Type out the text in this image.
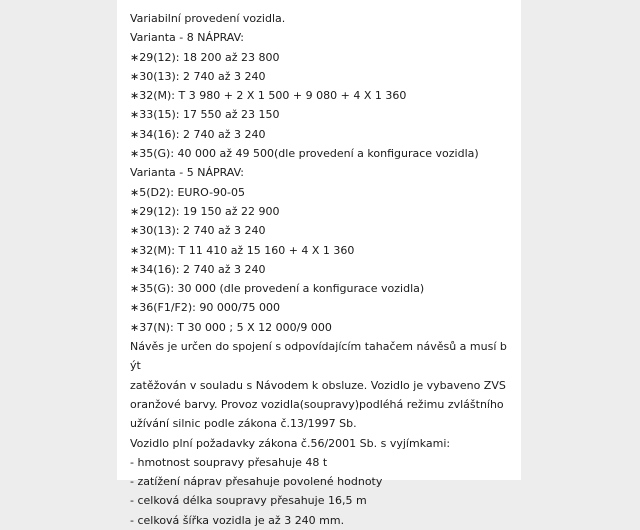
Variabilní provedení vozidla.
Varianta - 8 NÁPRAV:
∗29(12): 18 200 až 23 800
∗30(13): 2 740 až 3 240
∗32(M): T 3 980 + 2 X 1 500 + 9 080 + 4 X 1 360
∗33(15): 17 550 až 23 150
∗34(16): 2 740 až 3 240
∗35(G): 40 000 až 49 500(dle provedení a konfigurace vozidla)
Varianta - 5 NÁPRAV:
∗5(D2): EURO-90-05
∗29(12): 19 150 až 22 900
∗30(13): 2 740 až 3 240
∗32(M): T 11 410 až 15 160 + 4 X 1 360
∗34(16): 2 740 až 3 240
∗35(G): 30 000 (dle provedení a konfigurace vozidla)
∗36(F1/F2): 90 000/75 000
∗37(N): T 30 000 ; 5 X 12 000/9 000
Návěs je určen do spojení s odpovídajícím tahačem návěsů a musí b
ýt
zatěžován v souladu s Návodem k obsluze. Vozidlo je vybaveno ZVS
oranžové barvy. Provoz vozidla(soupravy)podléhá režimu zvláštního
užívání silnic podle zákona č.13/1997 Sb.
Vozidlo plní požadavky zákona č.56/2001 Sb. s vyjímkami:
- hmotnost soupravy přesahuje 48 t
- zatížení náprav přesahuje povolené hodnoty
- celková délka soupravy přesahuje 16,5 m
- celková šířka vozidla je až 3 240 mm.
